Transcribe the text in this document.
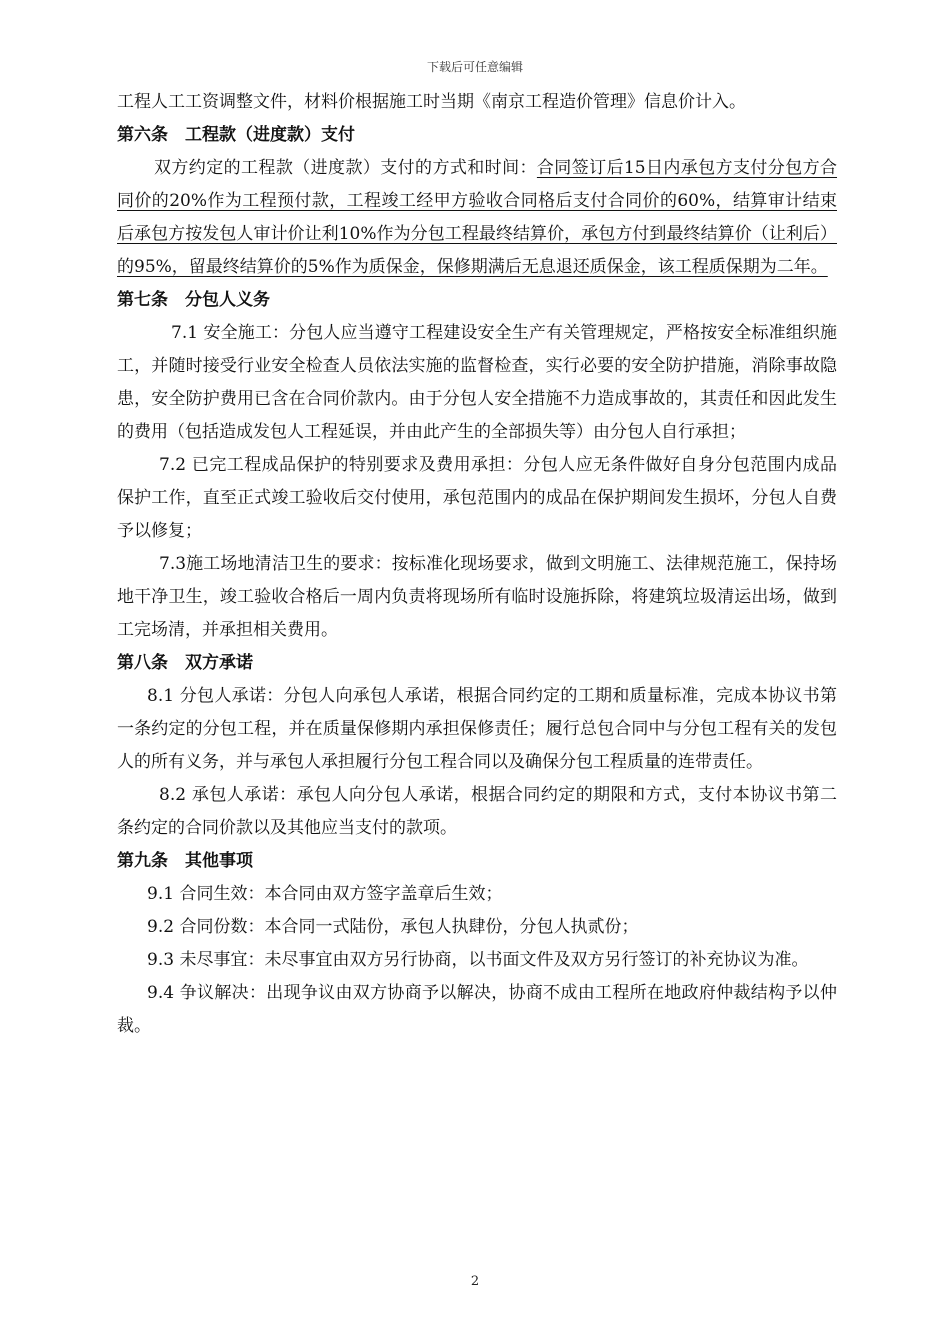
下载后可任意编辑

工程人工工资调整文件，材料价根据施工时当期《南京工程造价管理》信息价计入。

第六条　工程款（进度款）支付

双方约定的工程款（进度款）支付的方式和时间：合同签订后15日内承包方支付分包方合同价的20%作为工程预付款，工程竣工经甲方验收合同格后支付合同价的60%，结算审计结束后承包方按发包人审计价让利10%作为分包工程最终结算价，承包方付到最终结算价（让利后）的95%，留最终结算价的5%作为质保金，保修期满后无息退还质保金，该工程质保期为二年。

第七条　分包人义务

7.1 安全施工：分包人应当遵守工程建设安全生产有关管理规定，严格按安全标准组织施工，并随时接受行业安全检查人员依法实施的监督检查，实行必要的安全防护措施，消除事故隐患，安全防护费用已含在合同价款内。由于分包人安全措施不力造成事故的，其责任和因此发生的费用（包括造成发包人工程延误，并由此产生的全部损失等）由分包人自行承担；

7.2 已完工程成品保护的特别要求及费用承担：分包人应无条件做好自身分包范围内成品保护工作，直至正式竣工验收后交付使用，承包范围内的成品在保护期间发生损坏，分包人自费予以修复；

7.3施工场地清洁卫生的要求：按标准化现场要求，做到文明施工、法律规范施工，保持场地干净卫生，竣工验收合格后一周内负责将现场所有临时设施拆除，将建筑垃圾清运出场，做到工完场清，并承担相关费用。

第八条　双方承诺

8.1 分包人承诺：分包人向承包人承诺，根据合同约定的工期和质量标准，完成本协议书第一条约定的分包工程，并在质量保修期内承担保修责任；履行总包合同中与分包工程有关的发包人的所有义务，并与承包人承担履行分包工程合同以及确保分包工程质量的连带责任。

8.2 承包人承诺：承包人向分包人承诺，根据合同约定的期限和方式，支付本协议书第二条约定的合同价款以及其他应当支付的款项。

第九条　其他事项

9.1 合同生效：本合同由双方签字盖章后生效；

9.2 合同份数：本合同一式陆份，承包人执肆份，分包人执贰份；

9.3 未尽事宜：未尽事宜由双方另行协商，以书面文件及双方另行签订的补充协议为准。

9.4 争议解决：出现争议由双方协商予以解决，协商不成由工程所在地政府仲裁结构予以仲裁。

2
